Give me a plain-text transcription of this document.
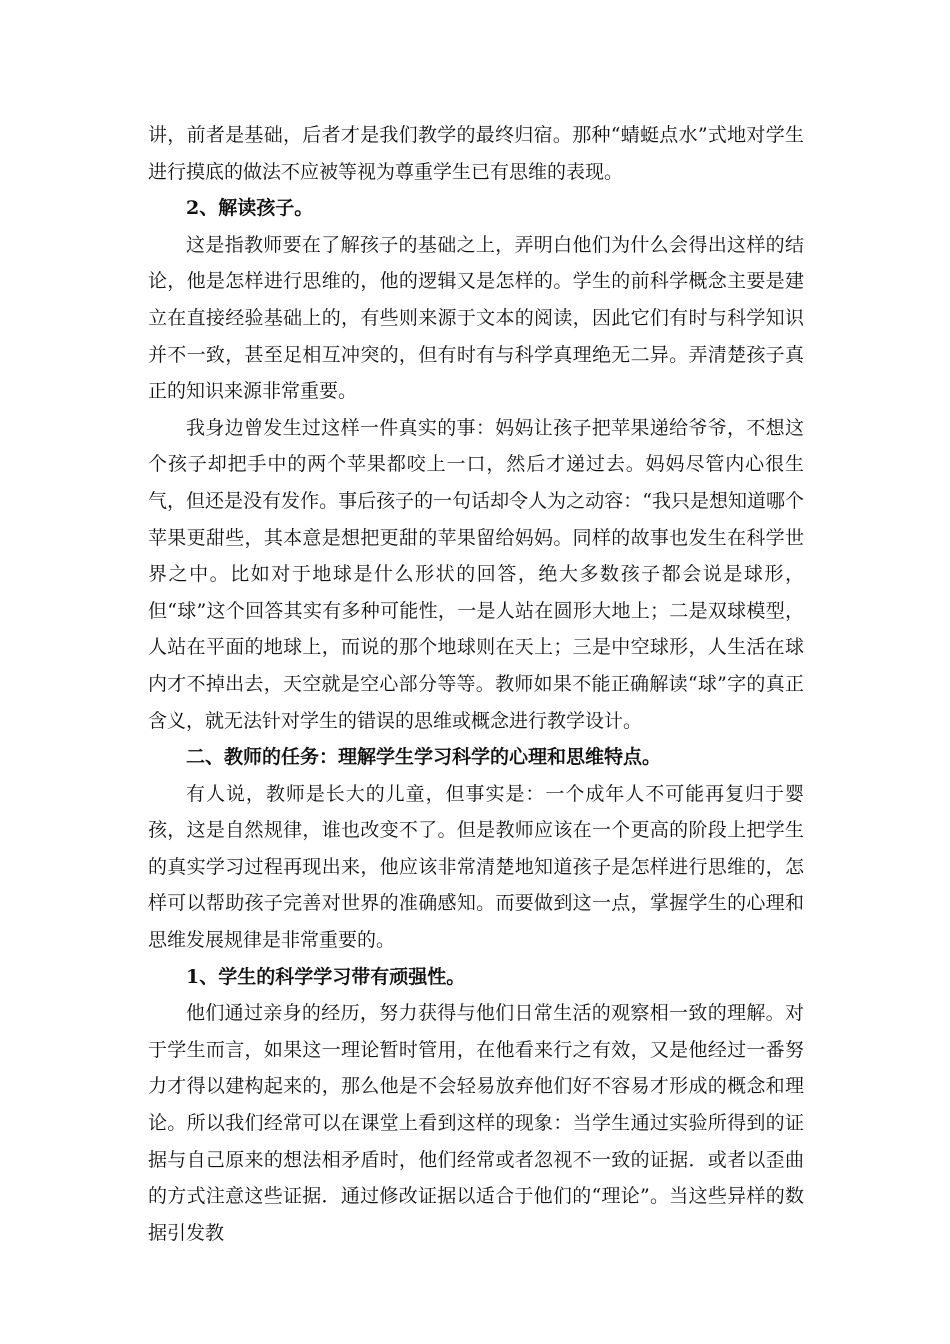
讲，前者是基础，后者才是我们教学的最终归宿。那种“蜻蜓点水”式地对学生进行摸底的做法不应被等视为尊重学生已有思维的表现。

2、解读孩子。

这是指教师要在了解孩子的基础之上，弄明白他们为什么会得出这样的结论，他是怎样进行思维的，他的逻辑又是怎样的。学生的前科学概念主要是建立在直接经验基础上的，有些则来源于文本的阅读，因此它们有时与科学知识并不一致，甚至足相互冲突的，但有时有与科学真理绝无二异。弄清楚孩子真正的知识来源非常重要。

我身边曾发生过这样一件真实的事：妈妈让孩子把苹果递给爷爷，不想这个孩子却把手中的两个苹果都咬上一口，然后才递过去。妈妈尽管内心很生气，但还是没有发作。事后孩子的一句话却令人为之动容：“我只是想知道哪个苹果更甜些，其本意是想把更甜的苹果留给妈妈。同样的故事也发生在科学世界之中。比如对于地球是什么形状的回答，绝大多数孩子都会说是球形，但“球”这个回答其实有多种可能性，一是人站在圆形大地上；二是双球模型，人站在平面的地球上，而说的那个地球则在天上；三是中空球形，人生活在球内才不掉出去，天空就是空心部分等等。教师如果不能正确解读“球”字的真正含义，就无法针对学生的错误的思维或概念进行教学设计。

二、教师的任务：理解学生学习科学的心理和思维特点。

有人说，教师是长大的儿童，但事实是：一个成年人不可能再复归于婴孩，这是自然规律，谁也改变不了。但是教师应该在一个更高的阶段上把学生的真实学习过程再现出来，他应该非常清楚地知道孩子是怎样进行思维的，怎样可以帮助孩子完善对世界的准确感知。而要做到这一点，掌握学生的心理和思维发展规律是非常重要的。

1、学生的科学学习带有顽强性。

他们通过亲身的经历，努力获得与他们日常生活的观察相一致的理解。对于学生而言，如果这一理论暂时管用，在他看来行之有效，又是他经过一番努力才得以建构起来的，那么他是不会轻易放弃他们好不容易才形成的概念和理论。所以我们经常可以在课堂上看到这样的现象：当学生通过实验所得到的证据与自己原来的想法相矛盾时，他们经常或者忽视不一致的证据．或者以歪曲的方式注意这些证据．通过修改证据以适合于他们的“理论”。当这些异样的数据引发教
